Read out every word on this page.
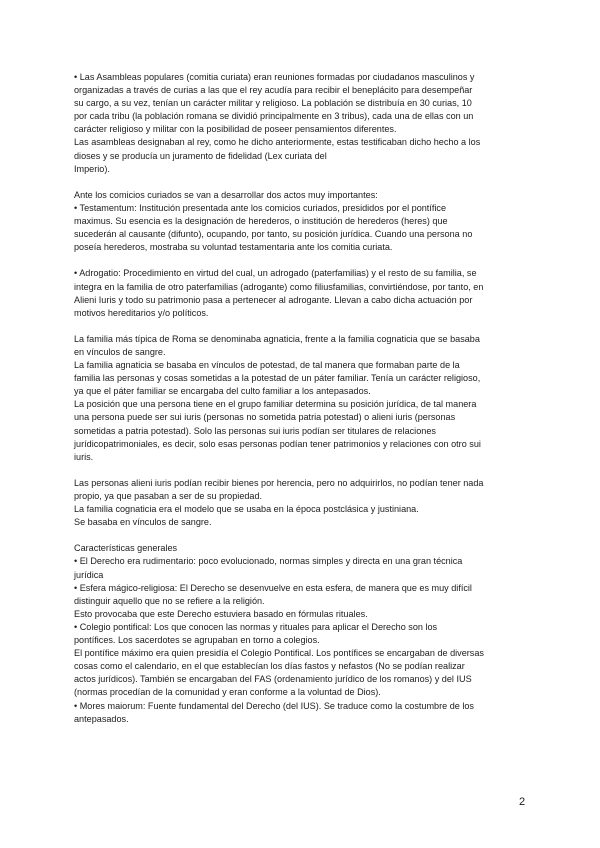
• Las Asambleas populares (comitia curiata) eran reuniones formadas por ciudadanos masculinos y
organizadas a través de curias a las que el rey acudía para recibir el beneplácito para desempeñar
su cargo, a su vez, tenían un carácter militar y religioso. La población se distribuía en 30 curias, 10
por cada tribu (la población romana se dividió principalmente en 3 tribus), cada una de ellas con un
carácter religioso y militar con la posibilidad de poseer pensamientos diferentes.
Las asambleas designaban al rey, como he dicho anteriormente, estas testificaban dicho hecho a los
dioses y se producía un juramento de fidelidad (Lex curiata del
Imperio).
Ante los comicios curiados se van a desarrollar dos actos muy importantes:
• Testamentum: Institución presentada ante los comicios curiados, presididos por el pontífice
maximus. Su esencia es la designación de herederos, o institución de herederos (heres) que
sucederán al causante (difunto), ocupando, por tanto, su posición jurídica. Cuando una persona no
poseía herederos, mostraba su voluntad testamentaria ante los comitia curiata.
• Adrogatio: Procedimiento en virtud del cual, un adrogado (paterfamilias) y el resto de su familia, se
integra en la familia de otro paterfamilias (adrogante) como filiusfamilias, convirtiéndose, por tanto, en
Alieni Iuris y todo su patrimonio pasa a pertenecer al adrogante. Llevan a cabo dicha actuación por
motivos hereditarios y/o políticos.
La familia más típica de Roma se denominaba agnaticia, frente a la familia cognaticia que se basaba
en vínculos de sangre.
La familia agnaticia se basaba en vínculos de potestad, de tal manera que formaban parte de la
familia las personas y cosas sometidas a la potestad de un páter familiar. Tenía un carácter religioso,
ya que el páter familiar se encargaba del culto familiar a los antepasados.
La posición que una persona tiene en el grupo familiar determina su posición jurídica, de tal manera
una persona puede ser sui iuris (personas no sometida patria potestad) o alieni iuris (personas
sometidas a patria potestad). Solo las personas sui iuris podían ser titulares de relaciones
jurídicopatrimoniales, es decir, solo esas personas podían tener patrimonios y relaciones con otro sui
iuris.
Las personas alieni iuris podían recibir bienes por herencia, pero no adquirirlos, no podían tener nada
propio, ya que pasaban a ser de su propiedad.
La familia cognaticia era el modelo que se usaba en la época postclásica y justiniana.
Se basaba en vínculos de sangre.
Características generales
• El Derecho era rudimentario: poco evolucionado, normas simples y directa en una gran técnica
jurídica
• Esfera mágico-religiosa: El Derecho se desenvuelve en esta esfera, de manera que es muy difícil
distinguir aquello que no se refiere a la religión.
Esto provocaba que este Derecho estuviera basado en fórmulas rituales.
• Colegio pontifical: Los que conocen las normas y rituales para aplicar el Derecho son los
pontífices. Los sacerdotes se agrupaban en torno a colegios.
El pontífice máximo era quien presidía el Colegio Pontifical. Los pontífices se encargaban de diversas
cosas como el calendario, en el que establecían los días fastos y nefastos (No se podían realizar
actos jurídicos). También se encargaban del FAS (ordenamiento jurídico de los romanos) y del IUS
(normas procedían de la comunidad y eran conforme a la voluntad de Dios).
• Mores maiorum: Fuente fundamental del Derecho (del IUS). Se traduce como la costumbre de los
antepasados.
2
